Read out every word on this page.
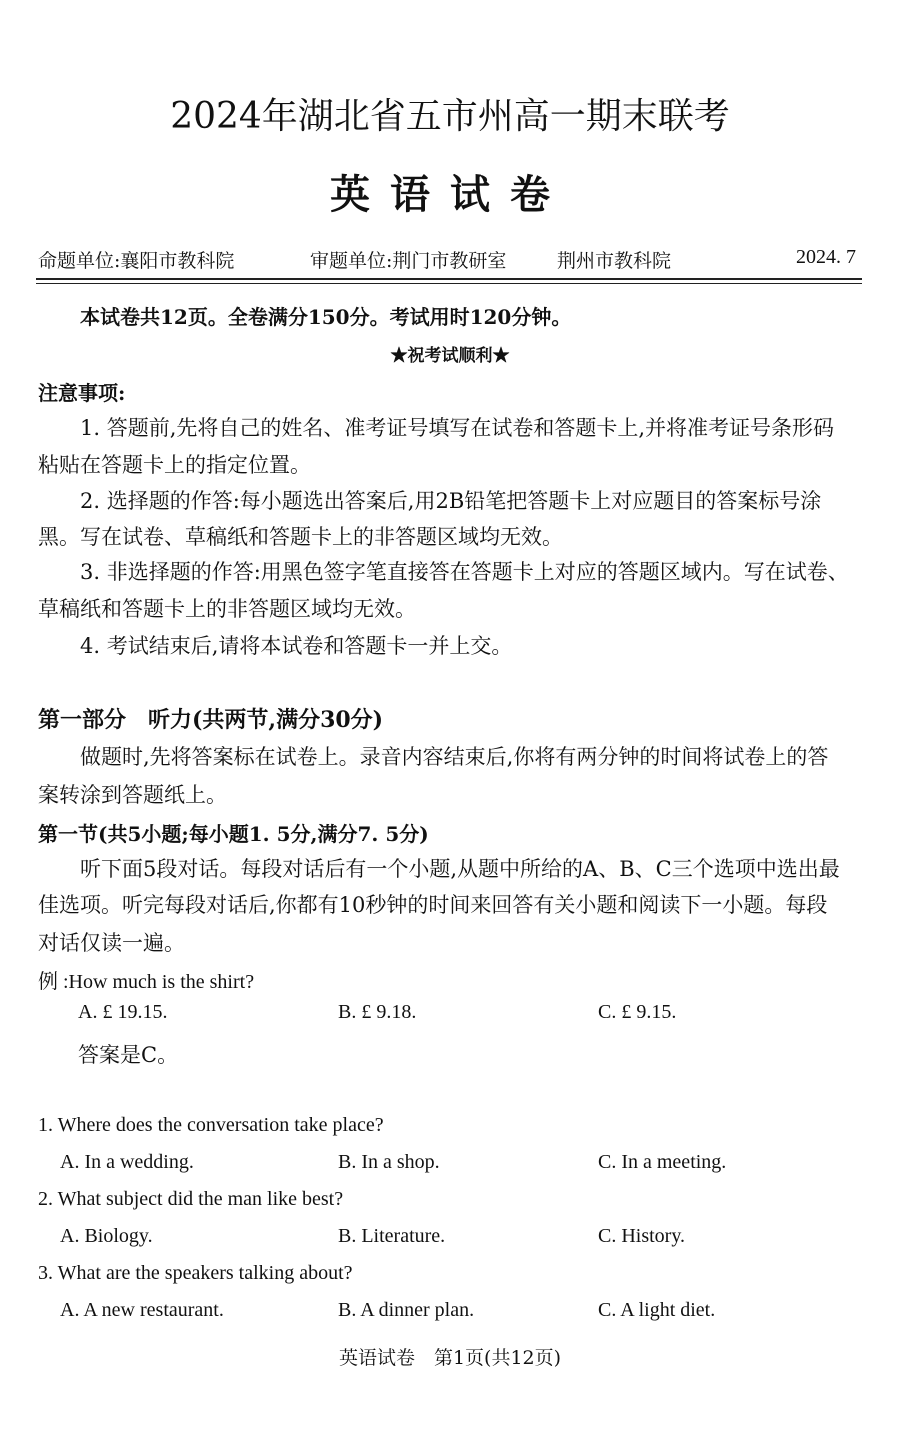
2024年湖北省五市州高一期末联考
英语试卷
命题单位:襄阳市教科院	审题单位:荆门市教研室	荆州市教科院	2024. 7
本试卷共12页。全卷满分150分。考试用时120分钟。
★祝考试顺利★
注意事项:
1. 答题前,先将自己的姓名、准考证号填写在试卷和答题卡上,并将准考证号条形码
粘贴在答题卡上的指定位置。
2. 选择题的作答:每小题选出答案后,用2B铅笔把答题卡上对应题目的答案标号涂
黑。写在试卷、草稿纸和答题卡上的非答题区域均无效。
3. 非选择题的作答:用黑色签字笔直接答在答题卡上对应的答题区域内。写在试卷、
草稿纸和答题卡上的非答题区域均无效。
4. 考试结束后,请将本试卷和答题卡一并上交。
第一部分　听力(共两节,满分30分)
做题时,先将答案标在试卷上。录音内容结束后,你将有两分钟的时间将试卷上的答
案转涂到答题纸上。
第一节(共5小题;每小题1. 5分,满分7. 5分)
听下面5段对话。每段对话后有一个小题,从题中所给的A、B、C三个选项中选出最
佳选项。听完每段对话后,你都有10秒钟的时间来回答有关小题和阅读下一小题。每段
对话仅读一遍。
例 :How much is the shirt?
A. £ 19.15.	B. £ 9.18.	C. £ 9.15.
答案是C。
1. Where does the conversation take place?
A. In a wedding.	B. In a shop.	C. In a meeting.
2. What subject did the man like best?
A. Biology.	B. Literature.	C. History.
3. What are the speakers talking about?
A. A new restaurant.	B. A dinner plan.	C. A light diet.
英语试卷　第1页(共12页)
